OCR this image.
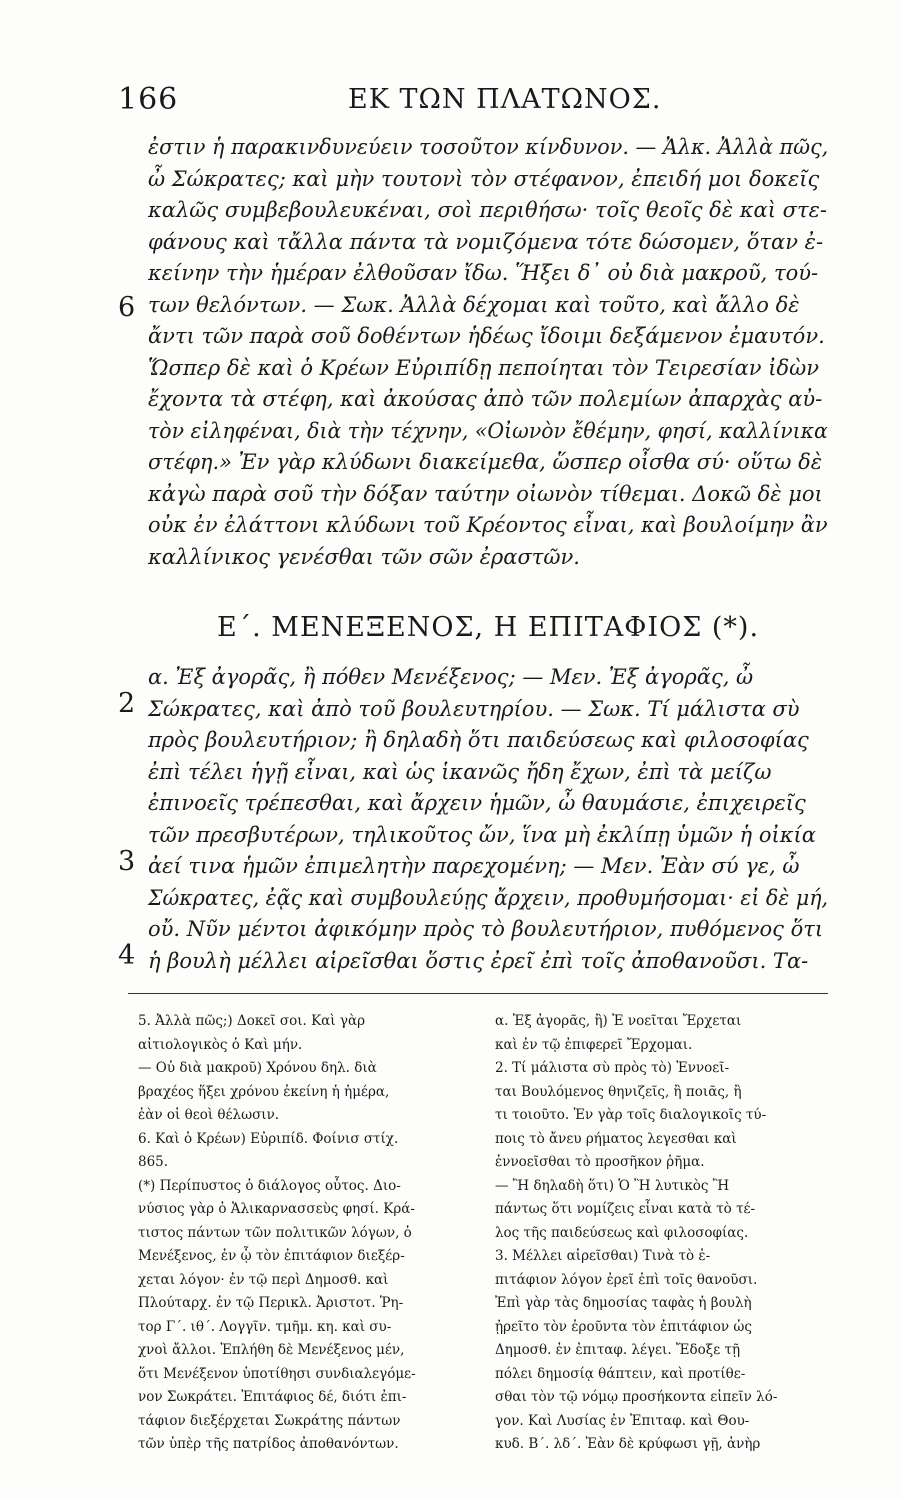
166	ΕΚ ΤΩΝ ΠΛΑΤΩΝΟΣ.

ἐστιν ἡ παρακινδυνεύειν τοσοῦτον κίνδυνον. — Ἀλκ. Ἀλλὰ πῶς,

ὦ Σώκρατες; καὶ μὴν τουτονὶ τὸν στέφανον, ἐπειδή μοι δοκεῖς

καλῶς συμβεβουλευκέναι, σοὶ περιθήσω· τοῖς θεοῖς δὲ καὶ στε-

φάνους καὶ τἄλλα πάντα τὰ νομιζόμενα τότε δώσομεν, ὅταν ἐ-

κείνην τὴν ἡμέραν ἐλθοῦσαν ἴδω. Ἥξει δ᾽ οὐ διὰ μακροῦ, τού-

των θελόντων. — Σωκ. Ἀλλὰ δέχομαι καὶ τοῦτο, καὶ ἄλλο δὲ

ἄντι τῶν παρὰ σοῦ δοθέντων ἡδέως ἴδοιμι δεξάμενον ἐμαυτόν.

Ὥσπερ δὲ καὶ ὁ Κρέων Εὐριπίδῃ πεποίηται τὸν Τειρεσίαν ἰδὼν

ἔχοντα τὰ στέφη, καὶ ἀκούσας ἀπὸ τῶν πολεμίων ἀπαρχὰς αὐ-

τὸν εἰληφέναι, διὰ τὴν τέχνην, «Οἰωνὸν ἔθέμην, φησί, καλλίνικα

στέφη.» Ἐν γὰρ κλύδωνι διακείμεθα, ὥσπερ οἶσθα σύ· οὕτω δὲ

κἀγὼ παρὰ σοῦ τὴν δόξαν ταύτην οἰωνὸν τίθεμαι. Δοκῶ δὲ μοι

οὐκ ἐν ἐλάττονι κλύδωνι τοῦ Κρέοντος εἶναι, καὶ βουλοίμην ἂν

καλλίνικος γενέσθαι τῶν σῶν ἐραστῶν.

6
Ε΄. ΜΕΝΕΞΕΝΟΣ, Η ΕΠΙΤΑΦΙΟΣ (*).

α. Ἐξ ἀγορᾶς, ἢ πόθεν Μενέξενος; — Μεν. Ἐξ ἀγορᾶς, ὦ

Σώκρατες, καὶ ἀπὸ τοῦ βουλευτηρίου. — Σωκ. Τί μάλιστα σὺ

πρὸς βουλευτήριον; ἢ δηλαδὴ ὅτι παιδεύσεως καὶ φιλοσοφίας

ἐπὶ τέλει ἡγῇ εἶναι, καὶ ὡς ἱκανῶς ἤδη ἔχων, ἐπὶ τὰ μείζω

ἐπινοεῖς τρέπεσθαι, καὶ ἄρχειν ἡμῶν, ὦ θαυμάσιε, ἐπιχειρεῖς

τῶν πρεσβυτέρων, τηλικοῦτος ὤν, ἵνα μὴ ἐκλίπῃ ὑμῶν ἡ οἰκία

ἀεί τινα ἡμῶν ἐπιμελητὴν παρεχομένη; — Μεν. Ἐὰν σύ γε, ὦ

Σώκρατες, ἐᾷς καὶ συμβουλεύῃς ἄρχειν, προθυμήσομαι· εἰ δὲ μή,

οὔ. Νῦν μέντοι ἀφικόμην πρὸς τὸ βουλευτήριον, πυθόμενος ὅτι

ἡ βουλὴ μέλλει αἱρεῖσθαι ὅστις ἐρεῖ ἐπὶ τοῖς ἀποθανοῦσι. Τα-

2
3
4

5. Ἀλλὰ πῶς;) Δοκεῖ σοι. Καὶ γὰρ

αἰτιολογικὸς ὁ Καὶ μήν.

— Οὐ διὰ μακροῦ) Χρόνου δηλ. διὰ

βραχέος ἥξει χρόνου ἐκείνη ἡ ἡμέρα,

ἐὰν οἱ θεοὶ θέλωσιν.

6. Καὶ ὁ Κρέων) Εὐριπίδ. Φοίνισ στίχ.

865.

(*) Περίπυστος ὁ διάλογος οὗτος. Διο-

νύσιος γὰρ ὁ Ἁλικαρνασσεὺς φησί. Κρά-

τιστος πάντων τῶν πολιτικῶν λόγων, ὁ

Μενέξενος, ἐν ᾧ τὸν ἐπιτάφιον διεξέρ-

χεται λόγον· ἐν τῷ περὶ Δημοσθ. καὶ

Πλούταρχ. ἐν τῷ Περικλ. Ἀριστοτ. Ῥη-

τορ Γ΄. ιθ΄. Λογγῖν. τμῆμ. κη. καὶ συ-

χνοὶ ἄλλοι. Ἐπλήθη δὲ Μενέξενος μέν,

ὅτι Μενέξενον ὑποτίθησι συνδιαλεγόμε-

νον Σωκράτει. Ἐπιτάφιος δέ, διότι ἐπι-

τάφιον διεξέρχεται Σωκράτης πάντων

τῶν ὑπὲρ τῆς πατρίδος ἀποθανόντων.

α. Ἐξ ἀγορᾶς, ἢ) Ἐ νοεῖται Ἔρχεται

καὶ ἐν τῷ ἐπιφερεῖ Ἔρχομαι.

2. Τί μάλιστα σὺ πρὸς τὸ) Ἐννοεῖ-

ται Βουλόμενος θηνιζεῖς, ἢ ποιᾶς, ἢ

τι τοιοῦτο. Ἐν γὰρ τοῖς διαλογικοῖς τύ-

ποις τὸ ἄνευ ρήματος λεγεσθαι καὶ

ἐννοεῖσθαι τὸ προσῆκον ῥῆμα.

— Ἢ δηλαδὴ ὅτι) Ὁ Ἢ λυτικὸς Ἢ

πάντως ὅτι νομίζεις εἶναι κατὰ τὸ τέ-

λος τῆς παιδεύσεως καὶ φιλοσοφίας.

3. Μέλλει αἱρεῖσθαι) Τινὰ τὸ ἐ-

πιτάφιον λόγον ἐρεῖ ἐπὶ τοῖς θανοῦσι.

Ἐπὶ γὰρ τὰς δημοσίας ταφὰς ἡ βουλὴ

ᾐρεῖτο τὸν ἐροῦντα τὸν ἐπιτάφιον ὡς

Δημοσθ. ἐν ἐπιταφ. λέγει. Ἔδοξε τῇ

πόλει δημοσίᾳ θάπτειν, καὶ προτίθε-

σθαι τὸν τῷ νόμῳ προσήκοντα εἰπεῖν λό-

γον. Καὶ Λυσίας ἐν Ἐπιταφ. καὶ Θου-

κυδ. Β΄. λδ΄. Ἐὰν δὲ κρύφωσι γῇ, ἀνὴρ
